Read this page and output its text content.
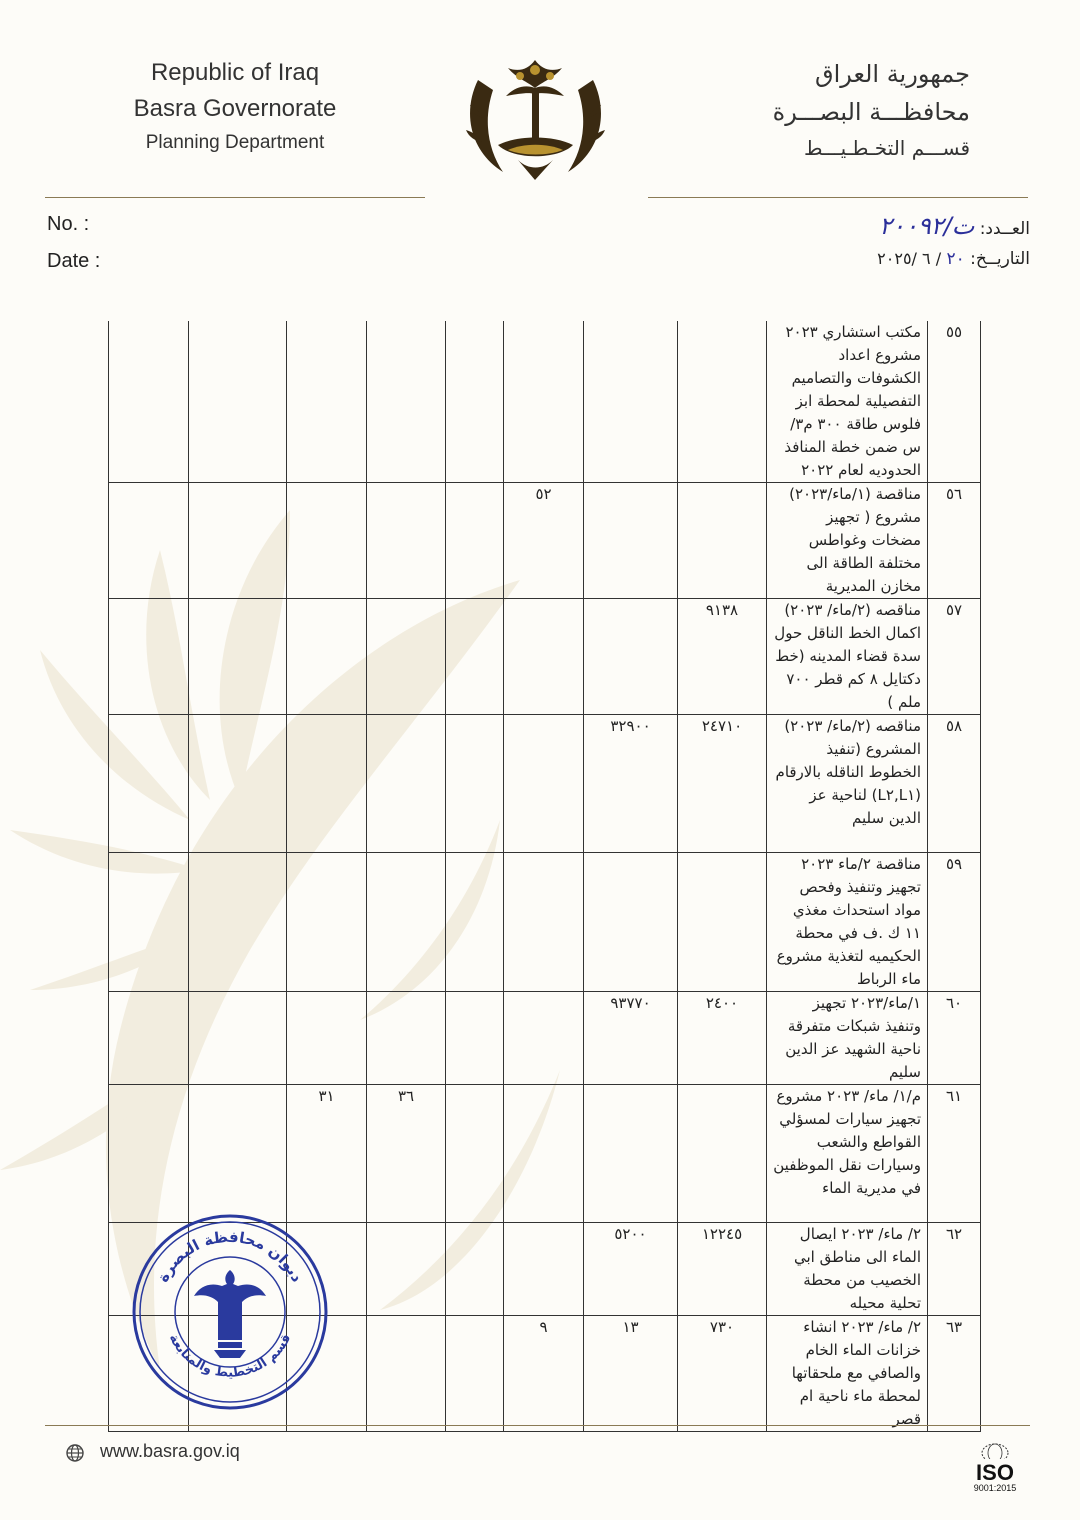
Republic of Iraq
Basra Governorate
Planning Department
جمهورية العراق
محافظـــة البصـــرة
قســـم التخـطـيـــط
No. :
Date :
العــدد: ت/٢٠٠٩٢
التاريــخ: ٢٠ / ٦ /٢٠٢٥
٥٥	مكتب استشاري ٢٠٢٣ مشروع اعداد الكشوفات والتصاميم التفصيلية لمحطة ابز فلوس طاقة ٣٠٠ م٣/س ضمن خطة المنافذ الحدوديه لعام ٢٠٢٢								
٥٦	مناقصة (١/ماء/٢٠٢٣) مشروع ( تجهيز مضخات وغواطس مختلفة الطاقة الى مخازن المديرية			٥٢					
٥٧	مناقصه (٢/ماء/ ٢٠٢٣) اكمال الخط الناقل حول سدة قضاء المدينه (خط دكتايل ٨ كم قطر ٧٠٠ ملم )	٩١٣٨							
٥٨	مناقصه (٢/ماء/ ٢٠٢٣) المشروع (تنفيذ الخطوط الناقله بالارقام (L١,L٢) لناحية عز الدين سليم	٢٤٧١٠	٣٢٩٠٠						
٥٩	مناقصة ٢/ماء ٢٠٢٣ تجهيز وتنفيذ وفحص مواد استحداث مغذي ١١ ك .ف في محطة الحكيميه لتغذية مشروع ماء الرباط								
٦٠	١/ماء/٢٠٢٣ تجهيز وتنفيذ شبكات متفرقة ناحية الشهيد عز الدين سليم	٢٤٠٠	٩٣٧٧٠						
٦١	م/١/ ماء/ ٢٠٢٣ مشروع تجهيز سيارات لمسؤلي القواطع والشعب وسيارات نقل الموظفين في مديرية الماء					٣٦	٣١		
٦٢	٢/ ماء/ ٢٠٢٣ ايصال الماء الى مناطق ابي الخصيب من محطة تحلية محيله	١٢٢٤٥	٥٢٠٠						
٦٣	٢/ ماء/ ٢٠٢٣ انشاء خزانات الماء الخام والصافي مع ملحقاتها لمحطة ماء ناحية ام قصر	٧٣٠	١٣	٩					
ديوان محافظة البصرة
قسم التخطيط والمتابعة
www.basra.gov.iq
ISO
9001:2015
